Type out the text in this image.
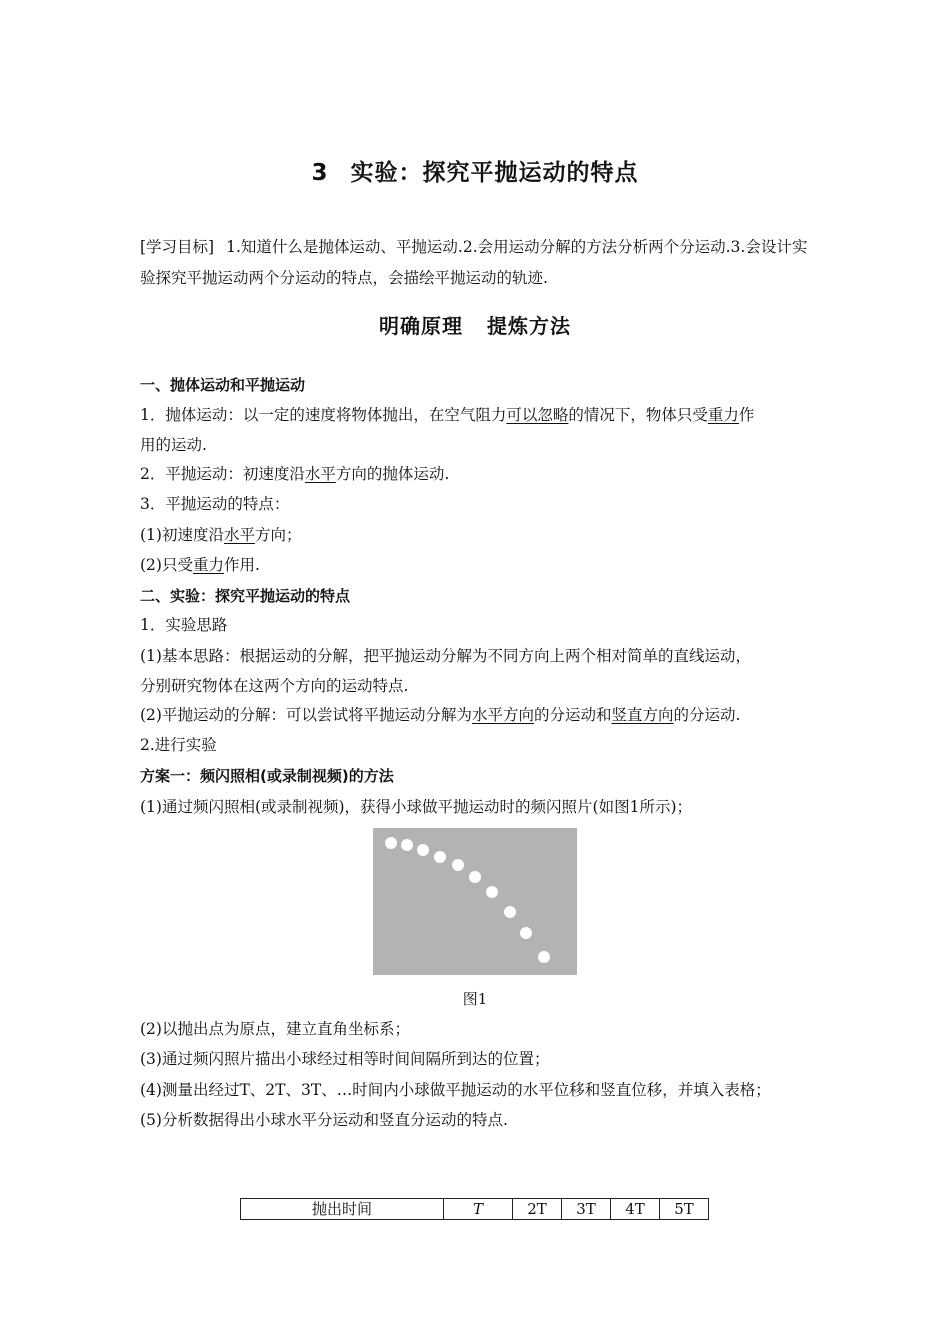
3 实验：探究平抛运动的特点
[学习目标] 1.知道什么是抛体运动、平抛运动.2.会用运动分解的方法分析两个分运动.3.会设计实验探究平抛运动两个分运动的特点，会描绘平抛运动的轨迹.
明确原理 提炼方法
一、抛体运动和平抛运动
1．抛体运动：以一定的速度将物体抛出，在空气阻力可以忽略的情况下，物体只受重力作
用的运动.
2．平抛运动：初速度沿水平方向的抛体运动.
3．平抛运动的特点：
(1)初速度沿水平方向；
(2)只受重力作用.
二、实验：探究平抛运动的特点
1．实验思路
(1)基本思路：根据运动的分解，把平抛运动分解为不同方向上两个相对简单的直线运动，
分别研究物体在这两个方向的运动特点.
(2)平抛运动的分解：可以尝试将平抛运动分解为水平方向的分运动和竖直方向的分运动.
2.进行实验
方案一：频闪照相(或录制视频)的方法
(1)通过频闪照相(或录制视频)，获得小球做平抛运动时的频闪照片(如图1所示)；
图1
(2)以抛出点为原点，建立直角坐标系；
(3)通过频闪照片描出小球经过相等时间间隔所到达的位置；
(4)测量出经过T、2T、3T、…时间内小球做平抛运动的水平位移和竖直位移，并填入表格；
(5)分析数据得出小球水平分运动和竖直分运动的特点.
抛出时间	T	2T	3T	4T	5T
